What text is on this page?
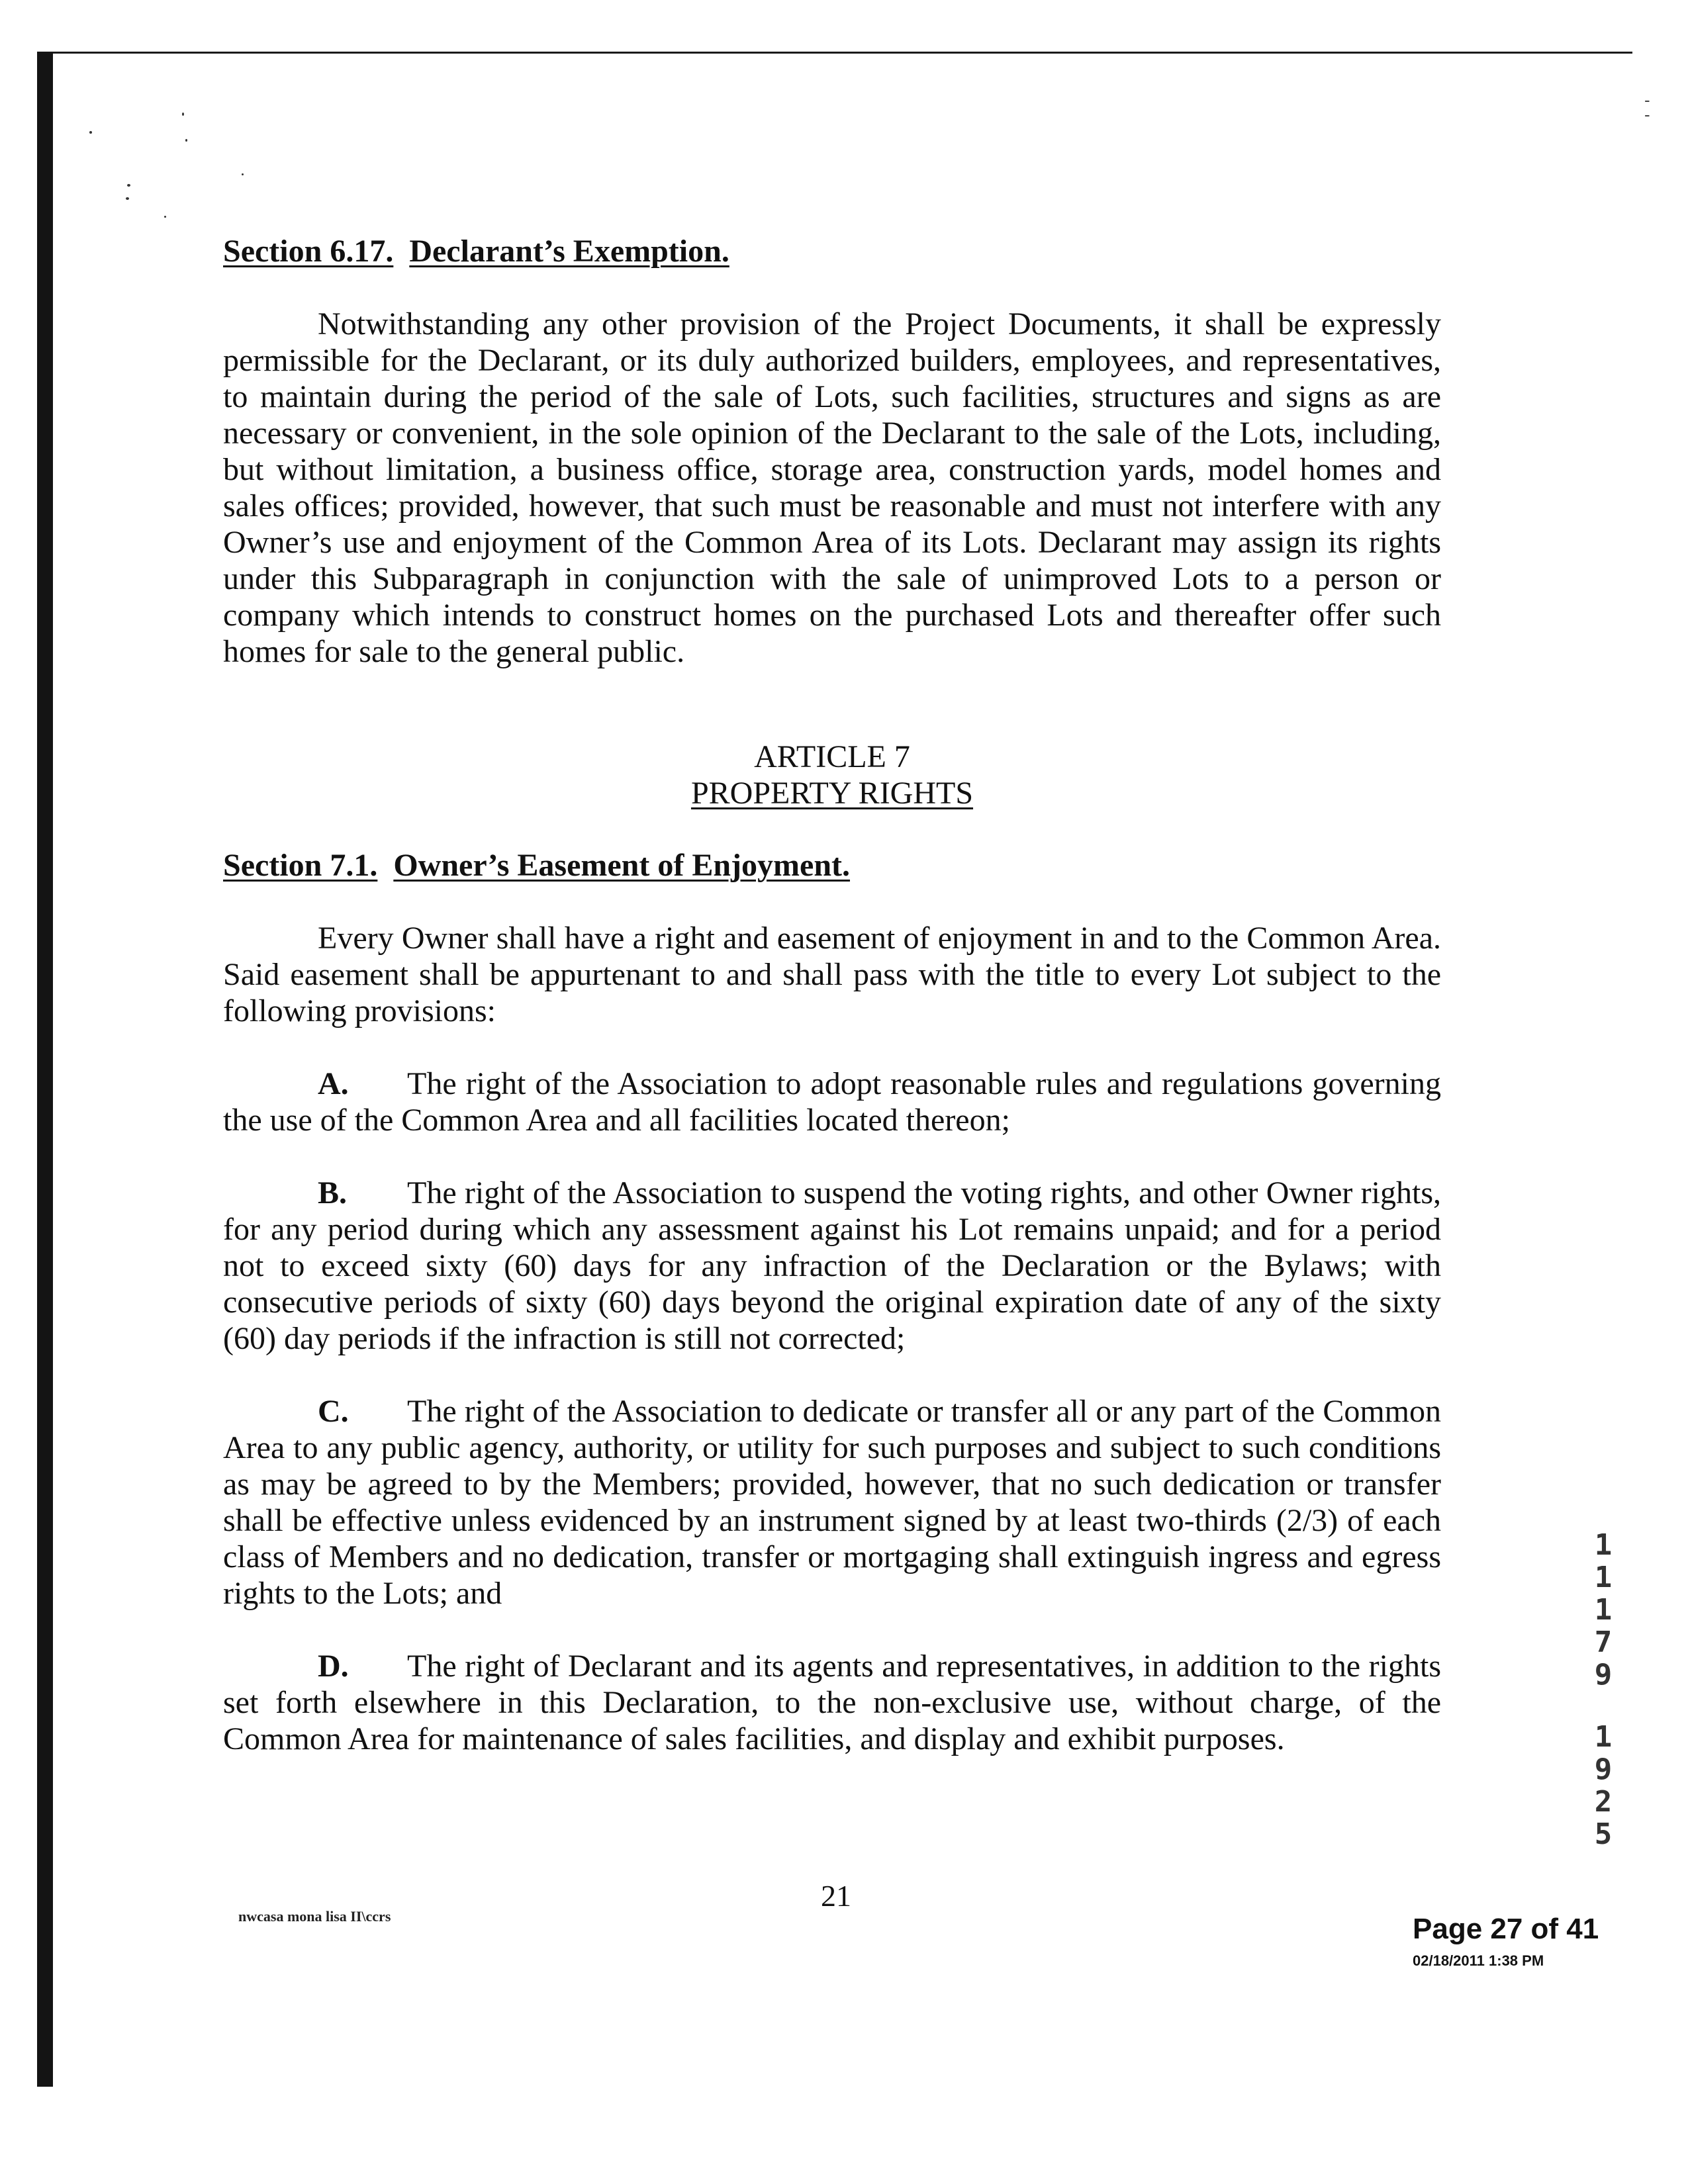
-
-

Section 6.17. Declarant’s Exemption.

Notwithstanding any other provision of the Project Documents, it shall be expressly permissible for the Declarant, or its duly authorized builders, employees, and representatives, to maintain during the period of the sale of Lots, such facilities, structures and signs as are necessary or convenient, in the sole opinion of the Declarant to the sale of the Lots, including, but without limitation, a business office, storage area, construction yards, model homes and sales offices; provided, however, that such must be reasonable and must not interfere with any Owner’s use and enjoyment of the Common Area of its Lots. Declarant may assign its rights under this Subparagraph in conjunction with the sale of unimproved Lots to a person or company which intends to construct homes on the purchased Lots and thereafter offer such homes for sale to the general public.

ARTICLE 7

PROPERTY RIGHTS

Section 7.1. Owner’s Easement of Enjoyment.

Every Owner shall have a right and easement of enjoyment in and to the Common Area. Said easement shall be appurtenant to and shall pass with the title to every Lot subject to the following provisions:

A. The right of the Association to adopt reasonable rules and regulations governing the use of the Common Area and all facilities located thereon;

B. The right of the Association to suspend the voting rights, and other Owner rights, for any period during which any assessment against his Lot remains unpaid; and for a period not to exceed sixty (60) days for any infraction of the Declaration or the Bylaws; with consecutive periods of sixty (60) days beyond the original expiration date of any of the sixty (60) day periods if the infraction is still not corrected;

C. The right of the Association to dedicate or transfer all or any part of the Common Area to any public agency, authority, or utility for such purposes and subject to such conditions as may be agreed to by the Members; provided, however, that no such dedication or transfer shall be effective unless evidenced by an instrument signed by at least two-thirds (2/3) of each class of Members and no dedication, transfer or mortgaging shall extinguish ingress and egress rights to the Lots; and

D. The right of Declarant and its agents and representatives, in addition to the rights set forth elsewhere in this Declaration, to the non-exclusive use, without charge, of the Common Area for maintenance of sales facilities, and display and exhibit purposes.

nwcasa mona lisa II\ccrs
21
Page 27 of 41
02/18/2011 1:38 PM
1
1
1
7
9
1
9
2
5
